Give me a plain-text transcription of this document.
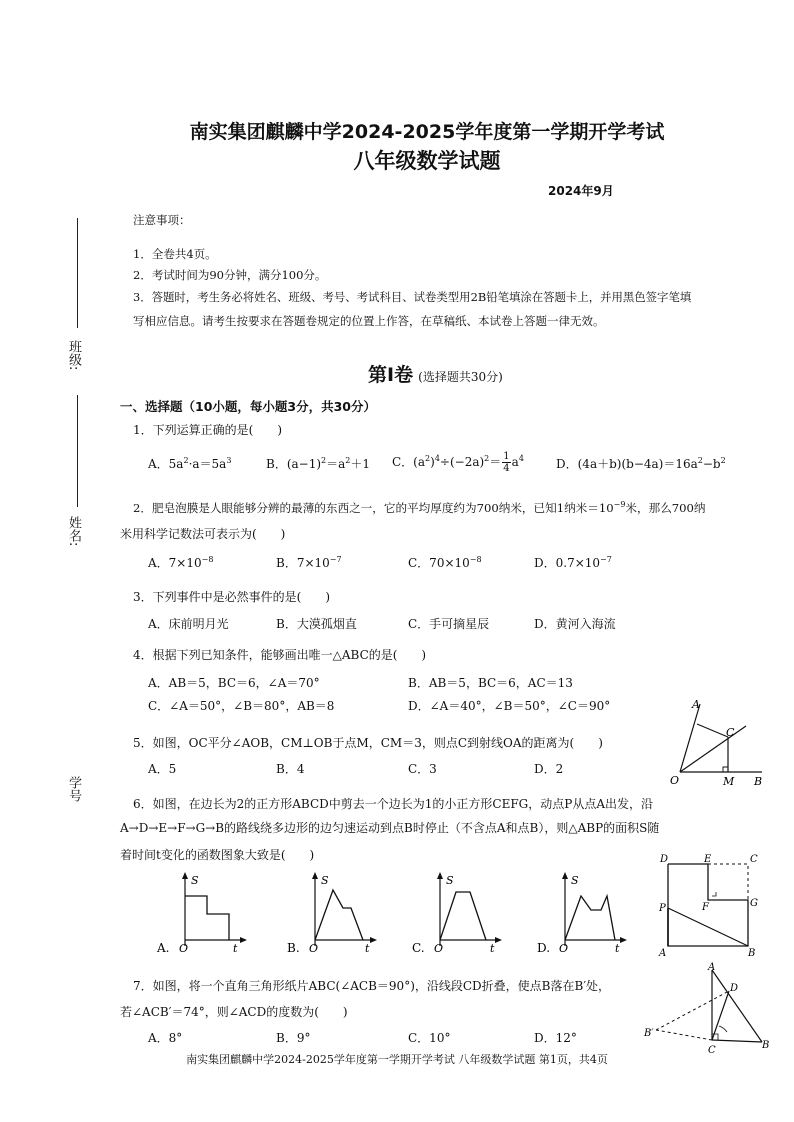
南实集团麒麟中学2024-2025学年度第一学期开学考试
八年级数学试题
2024年9月
班级:
姓名:
学号
注意事项：
1．全卷共4页。
2．考试时间为90分钟，满分100分。
3．答题时，考生务必将姓名、班级、考号、考试科目、试卷类型用2B铅笔填涂在答题卡上，并用黑色签字笔填
写相应信息。请考生按要求在答题卷规定的位置上作答，在草稿纸、本试卷上答题一律无效。
第Ⅰ卷 (选择题共30分)
一、选择题（10小题，每小题3分，共30分）
1．下列运算正确的是(　　)
A．$5a^2\cdot a=5a^3$	B．$(a-1)^2=a^2+1$ C．$(a^2)^4\div(-2a)^2= \frac{1}{4} a^4$	D．$(4a+b)(b-4a)=16a^2-b^2$
2．肥皂泡膜是人眼能够分辨的最薄的东西之一，它的平均厚度约为700纳米，已知1纳米$=10^{-9}$米，那么700纳
米用科学记数法可表示为(　　)
A．$7\times 10^{-8}$	B．$7\times 10^{-7}$	C．$70\times 10^{-8}$	D．$0.7\times 10^{-7}$
3．下列事件中是必然事件的是(　　)
A．床前明月光	B．大漠孤烟直	C．手可摘星辰	D．黄河入海流
4．根据下列已知条件，能够画出唯一△ABC的是(　　)
A．AB＝5，BC＝6，∠A＝70°	B．AB＝5，BC＝6，AC＝13
C．∠A＝50°，∠B＝80°，AB＝8	D．∠A＝40°，∠B＝50°，∠C＝90°
5．如图，OC平分∠AOB，CM⊥OB于点M，CM＝3，则点C到射线OA的距离为(　　)
A．5	B．4	C．3	D．2
A
C
O	M B
6．如图，在边长为2的正方形ABCD中剪去一个边长为1的小正方形CEFG，动点P从点A出发，沿
A→D→E→F→G→B的路线绕多边形的边匀速运动到点B时停止（不含点A和点B），则△ABP的面积S随
着时间t变化的函数图象大致是(　　)
S
A. O	t
S
B. O	t
S
C. O	t
S
D. O	t
D	E	C
F	G
P
A	B
7．如图，将一个直角三角形纸片ABC(∠ACB＝90°)，沿线段CD折叠，使点B落在B′处，
若∠ACB′＝74°，则∠ACD的度数为(　　)
A．8°	B．9°	C．10°	D．12°
A
D
B′
C	B
南实集团麒麟中学2024-2025学年度第一学期开学考试 八年级数学试题 第1页，共4页
